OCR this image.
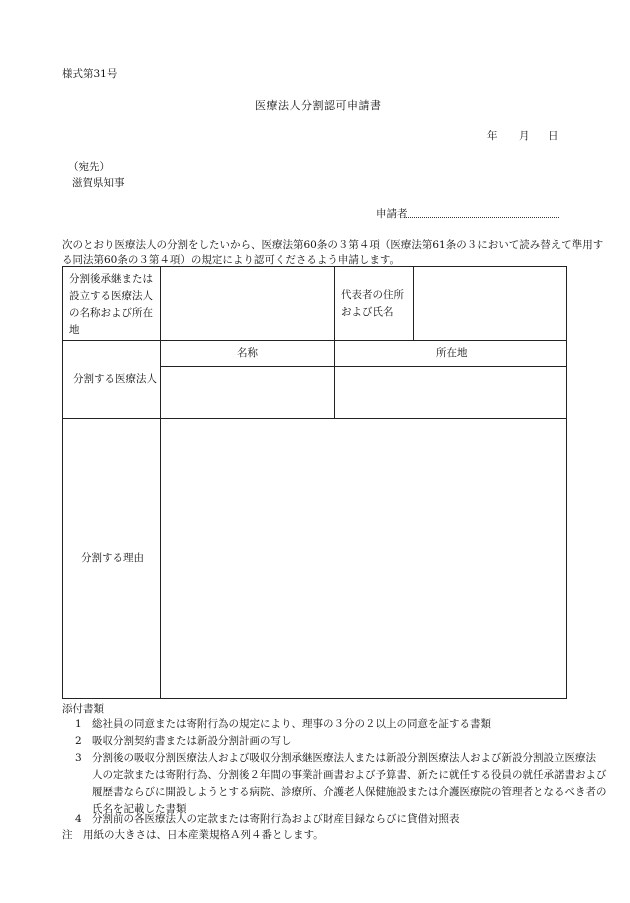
様式第31号
医療法人分割認可申請書
年 月 日
（宛先）
滋賀県知事
申請者
次のとおり医療法人の分割をしたいから、医療法第60条の３第４項（医療法第61条の３において読み替えて準用す
る同法第60条の３第４項）の規定により認可くださるよう申請します。
分割後承継または
設立する医療法人
の名称および所在
地
代表者の住所
および氏名
分割する医療法人
名称	所在地
分割する理由
添付書類
1 総社員の同意または寄附行為の規定により、理事の３分の２以上の同意を証する書類
2 吸収分割契約書または新設分割計画の写し
3 分割後の吸収分割医療法人および吸収分割承継医療法人または新設分割医療法人および新設分割設立医療法
人の定款または寄附行為、分割後２年間の事業計画書および予算書、新たに就任する役員の就任承諾書および
履歴書ならびに開設しようとする病院、診療所、介護老人保健施設または介護医療院の管理者となるべき者の
氏名を記載した書類
4 分割前の各医療法人の定款または寄附行為および財産目録ならびに貸借対照表
注　用紙の大きさは、日本産業規格Ａ列４番とします。
